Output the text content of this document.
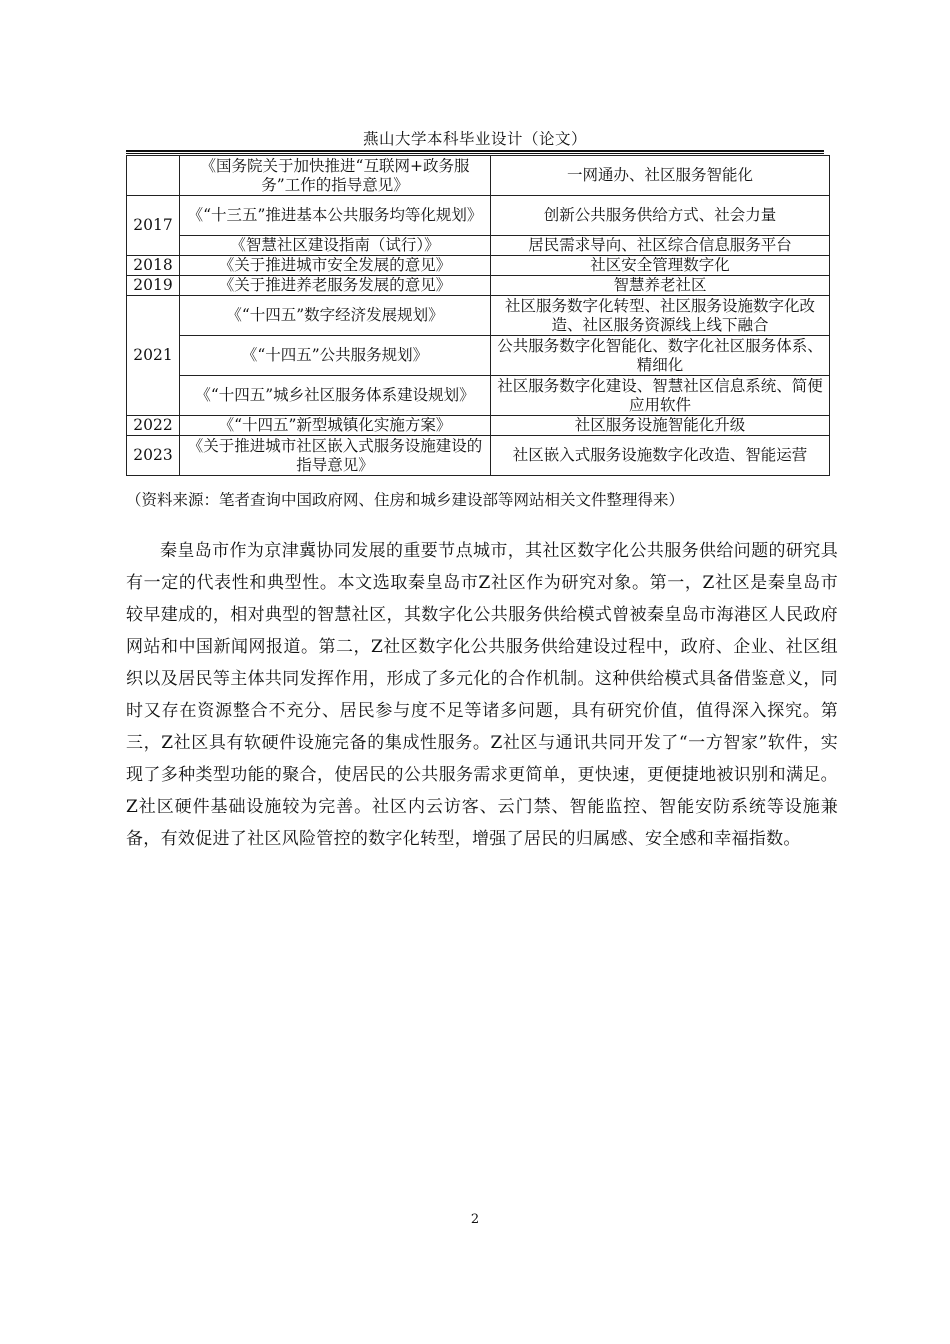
燕山大学本科毕业设计（论文）
	《国务院关于加快推进“互联网+政务服务”工作的指导意见》	一网通办、社区服务智能化
2017	《“十三五”推进基本公共服务均等化规划》	创新公共服务供给方式、社会力量
	《智慧社区建设指南（试行）》	居民需求导向、社区综合信息服务平台
2018	《关于推进城市安全发展的意见》	社区安全管理数字化
2019	《关于推进养老服务发展的意见》	智慧养老社区
2021	《“十四五”数字经济发展规划》	社区服务数字化转型、社区服务设施数字化改造、社区服务资源线上线下融合
	《“十四五”公共服务规划》	公共服务数字化智能化、数字化社区服务体系、精细化
	《“十四五”城乡社区服务体系建设规划》	社区服务数字化建设、智慧社区信息系统、简便应用软件
2022	《“十四五”新型城镇化实施方案》	社区服务设施智能化升级
2023	《关于推进城市社区嵌入式服务设施建设的指导意见》	社区嵌入式服务设施数字化改造、智能运营
（资料来源：笔者查询中国政府网、住房和城乡建设部等网站相关文件整理得来）

秦皇岛市作为京津冀协同发展的重要节点城市，其社区数字化公共服务供给问题的研究具有一定的代表性和典型性。本文选取秦皇岛市Z社区作为研究对象。第一，Z社区是秦皇岛市较早建成的，相对典型的智慧社区，其数字化公共服务供给模式曾被秦皇岛市海港区人民政府网站和中国新闻网报道。第二，Z社区数字化公共服务供给建设过程中，政府、企业、社区组织以及居民等主体共同发挥作用，形成了多元化的合作机制。这种供给模式具备借鉴意义，同时又存在资源整合不充分、居民参与度不足等诸多问题，具有研究价值，值得深入探究。第三，Z社区具有软硬件设施完备的集成性服务。Z社区与通讯共同开发了“一方智家”软件，实现了多种类型功能的聚合，使居民的公共服务需求更简单，更快速，更便捷地被识别和满足。Z社区硬件基础设施较为完善。社区内云访客、云门禁、智能监控、智能安防系统等设施兼备，有效促进了社区风险管控的数字化转型，增强了居民的归属感、安全感和幸福指数。

2
